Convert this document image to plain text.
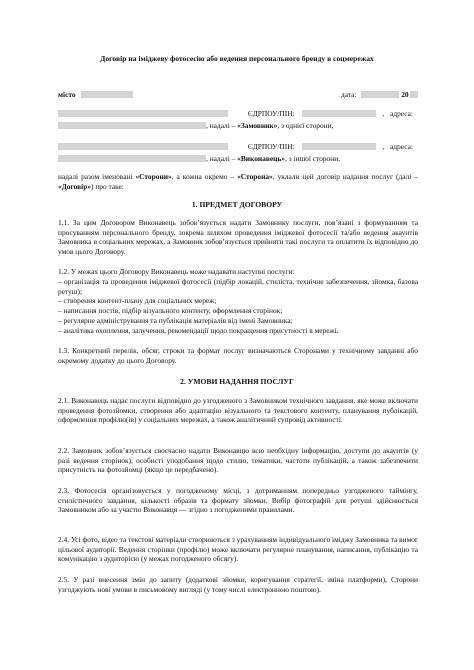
Договір на іміджеву фотосесію або ведення персонального бренду в соцмережах
місто	дата:	20
ЄДРПОУ/ПІН:	, адреса:
, надалі – «Замовник», з однієї сторони,
ЄДРПОУ/ПІН:	, адреса:
, надалі – «Виконавець», з іншої сторони,
надалі разом іменовані «Сторони», а кожна окремо – «Сторона», уклали цей договір надання послуг (далі – «Договір») про таке:
1. ПРЕДМЕТ ДОГОВОРУ
1.1. За цим Договором Виконавець зобов’язується надати Замовнику послуги, пов’язані з формуванням та просуванням персонального бренду, зокрема шляхом проведення іміджевої фотосесії та/або ведення акаунтів Замовника в соціальних мережах, а Замовник зобов’язується прийняти такі послуги та оплатити їх відповідно до умов цього Договору.
1.2. У межах цього Договору Виконавець може надавати наступні послуги:
– організація та проведення іміджевої фотосесії (підбір локацій, стиліста, технічне забезпечення, зйомка, базова ретуш);
– створення контент-плану для соціальних мереж;
– написання постів, підбір візуального контенту, оформлення сторінок;
– регулярне адміністрування та публікація матеріалів від імені Замовника;
– аналітика охоплення, залучення, рекомендації щодо покращення присутності в мережі.
1.3. Конкретний перелік, обсяг, строки та формат послуг визначаються Сторонами у технічному завданні або окремому додатку до цього Договору.
2. УМОВИ НАДАННЯ ПОСЛУГ
2.1. Виконавець надає послуги відповідно до узгодженого з Замовником технічного завдання, яке може включати проведення фотозйомки, створення або адаптацію візуального та текстового контенту, планування публікацій, оформлення профілю(ів) у соціальних мережах, а також аналітичний супровід активності.
2.2. Замовник зобов’язується своєчасно надати Виконавцю всю необхідну інформацію, доступи до акаунтів (у разі ведення сторінок), особисті уподобання щодо стилю, тематики, частоти публікацій, а також забезпечити присутність на фотозйомці (якщо це передбачено).
2.3. Фотосесія організовується у погодженому місці, з дотриманням попередньо узгодженого таймінгу, стилістичного завдання, кількості образів та формату зйомки. Вибір фотографій для ретуші здійснюється Замовником або за участю Виконавця — згідно з погодженими правилами.
2.4. Усі фото, відео та текстові матеріали створюються з урахуванням індивідуального іміджу Замовника та вимог цільової аудиторії. Ведення сторінки (профілю) може включати регулярне планування, написання, публікацію та комунікацію з аудиторією (у межах погодженого обсягу).
2.5. У разі внесення змін до запиту (додаткові зйомки, коригування стратегії, зміна платформи), Сторони узгоджують нові умови в письмовому вигляді (у тому числі електронною поштою).
